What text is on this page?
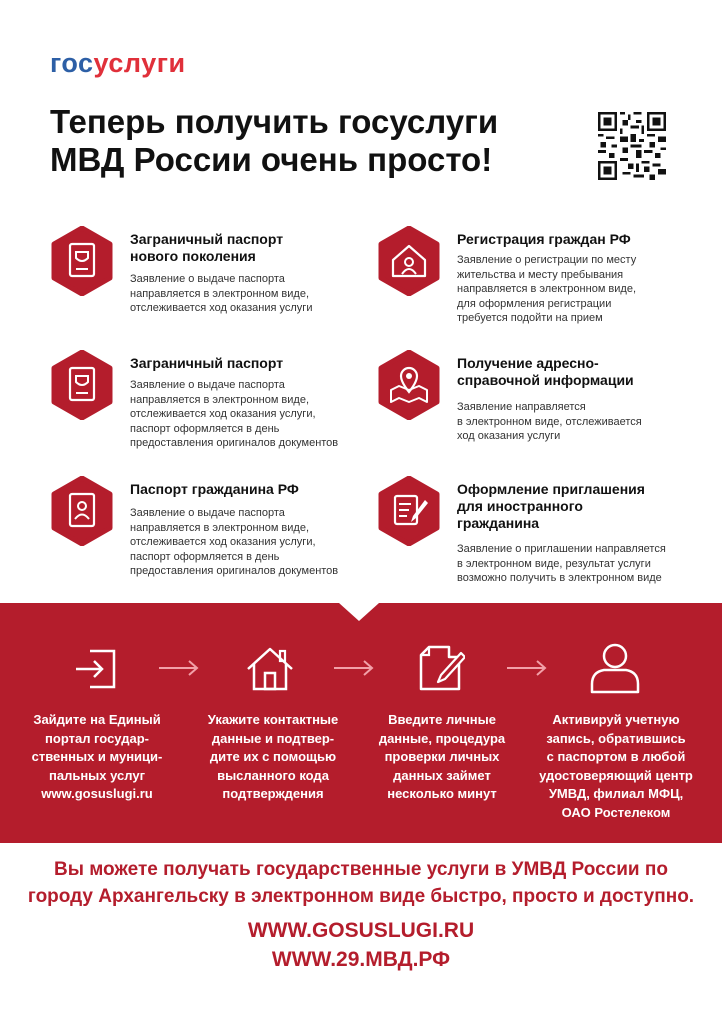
госуслуги
Теперь получить госуслуги
МВД России очень просто!
Заграничный паспорт
нового поколения
Заявление о выдаче паспорта
направляется в электронном виде,
отслеживается ход оказания услуги
Регистрация граждан РФ
Заявление о регистрации по месту
жительства и месту пребывания
направляется в электронном виде,
для оформления регистрации
требуется подойти на прием
Заграничный паспорт
Заявление о выдаче паспорта
направляется в электронном виде,
отслеживается ход оказания услуги,
паспорт оформляется в день
предоставления оригиналов документов
Получение адресно-
справочной информации
Заявление направляется
в электронном виде, отслеживается
ход оказания услуги
Паспорт гражданина РФ
Заявление о выдаче паспорта
направляется в электронном виде,
отслеживается ход оказания услуги,
паспорт оформляется в день
предоставления оригиналов документов
Оформление приглашения
для иностранного
гражданина
Заявление о приглашении направляется
в электронном виде, результат услуги
возможно получить в электронном виде
Зайдите на Единый
портал государ-
ственных и муници-
пальных услуг
www.gosuslugi.ru
Укажите контактные
данные и подтвер-
дите их с помощью
высланного кода
подтверждения
Введите личные
данные, процедура
проверки личных
данных займет
несколько минут
Активируй учетную
запись, обратившись
с паспортом в любой
удостоверяющий центр
УМВД, филиал МФЦ,
ОАО Ростелеком
Вы можете получать государственные услуги в УМВД России по
городу Архангельску в электронном виде быстро, просто и доступно.
WWW.GOSUSLUGI.RU
WWW.29.МВД.РФ
